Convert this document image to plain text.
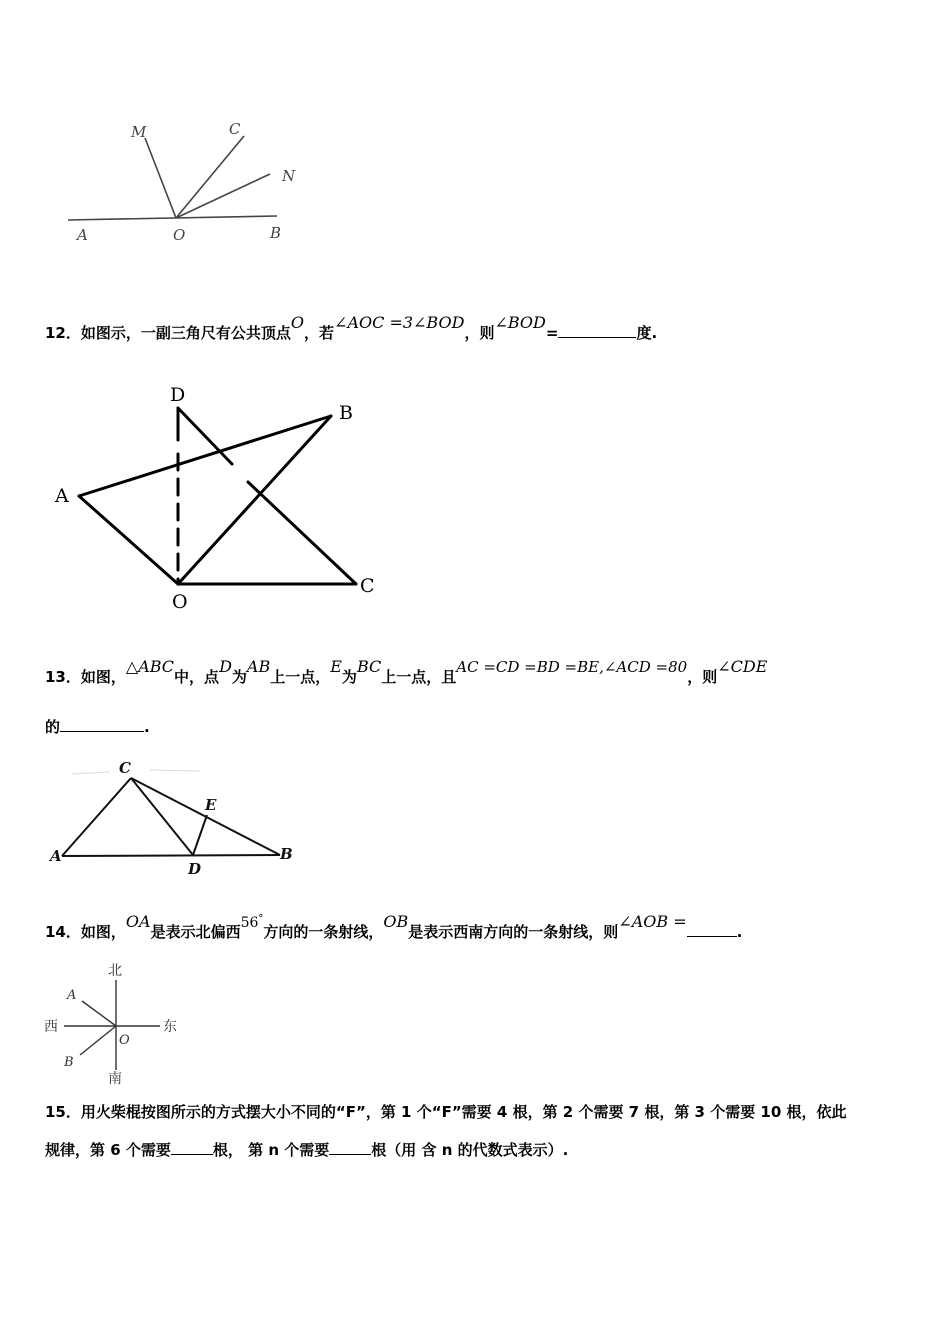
M	C
N
A	O	B
12．如图示，一副三角尺有公共顶点O，若∠AOC =3∠BOD，则∠BOD=	度.
D
B
A
O
C
13．如图，△ABC中，点D为AB上一点，E为BC上一点，且AC =CD =BD =BE,∠ACD =80，则∠CDE
的	.
C
E
A
D
B
14．如图，OA是表示北偏西56°方向的一条射线，OB是表示西南方向的一条射线，则∠AOB =.
北
南
西	东
A
B
O
15．用火柴棍按图所示的方式摆大小不同的“F”，第 1 个“F”需要 4 根，第 2 个需要 7 根，第 3 个需要 10 根，依此
规律，第 6 个需要	根， 第 n 个需要	根（用 含 n 的代数式表示）.
